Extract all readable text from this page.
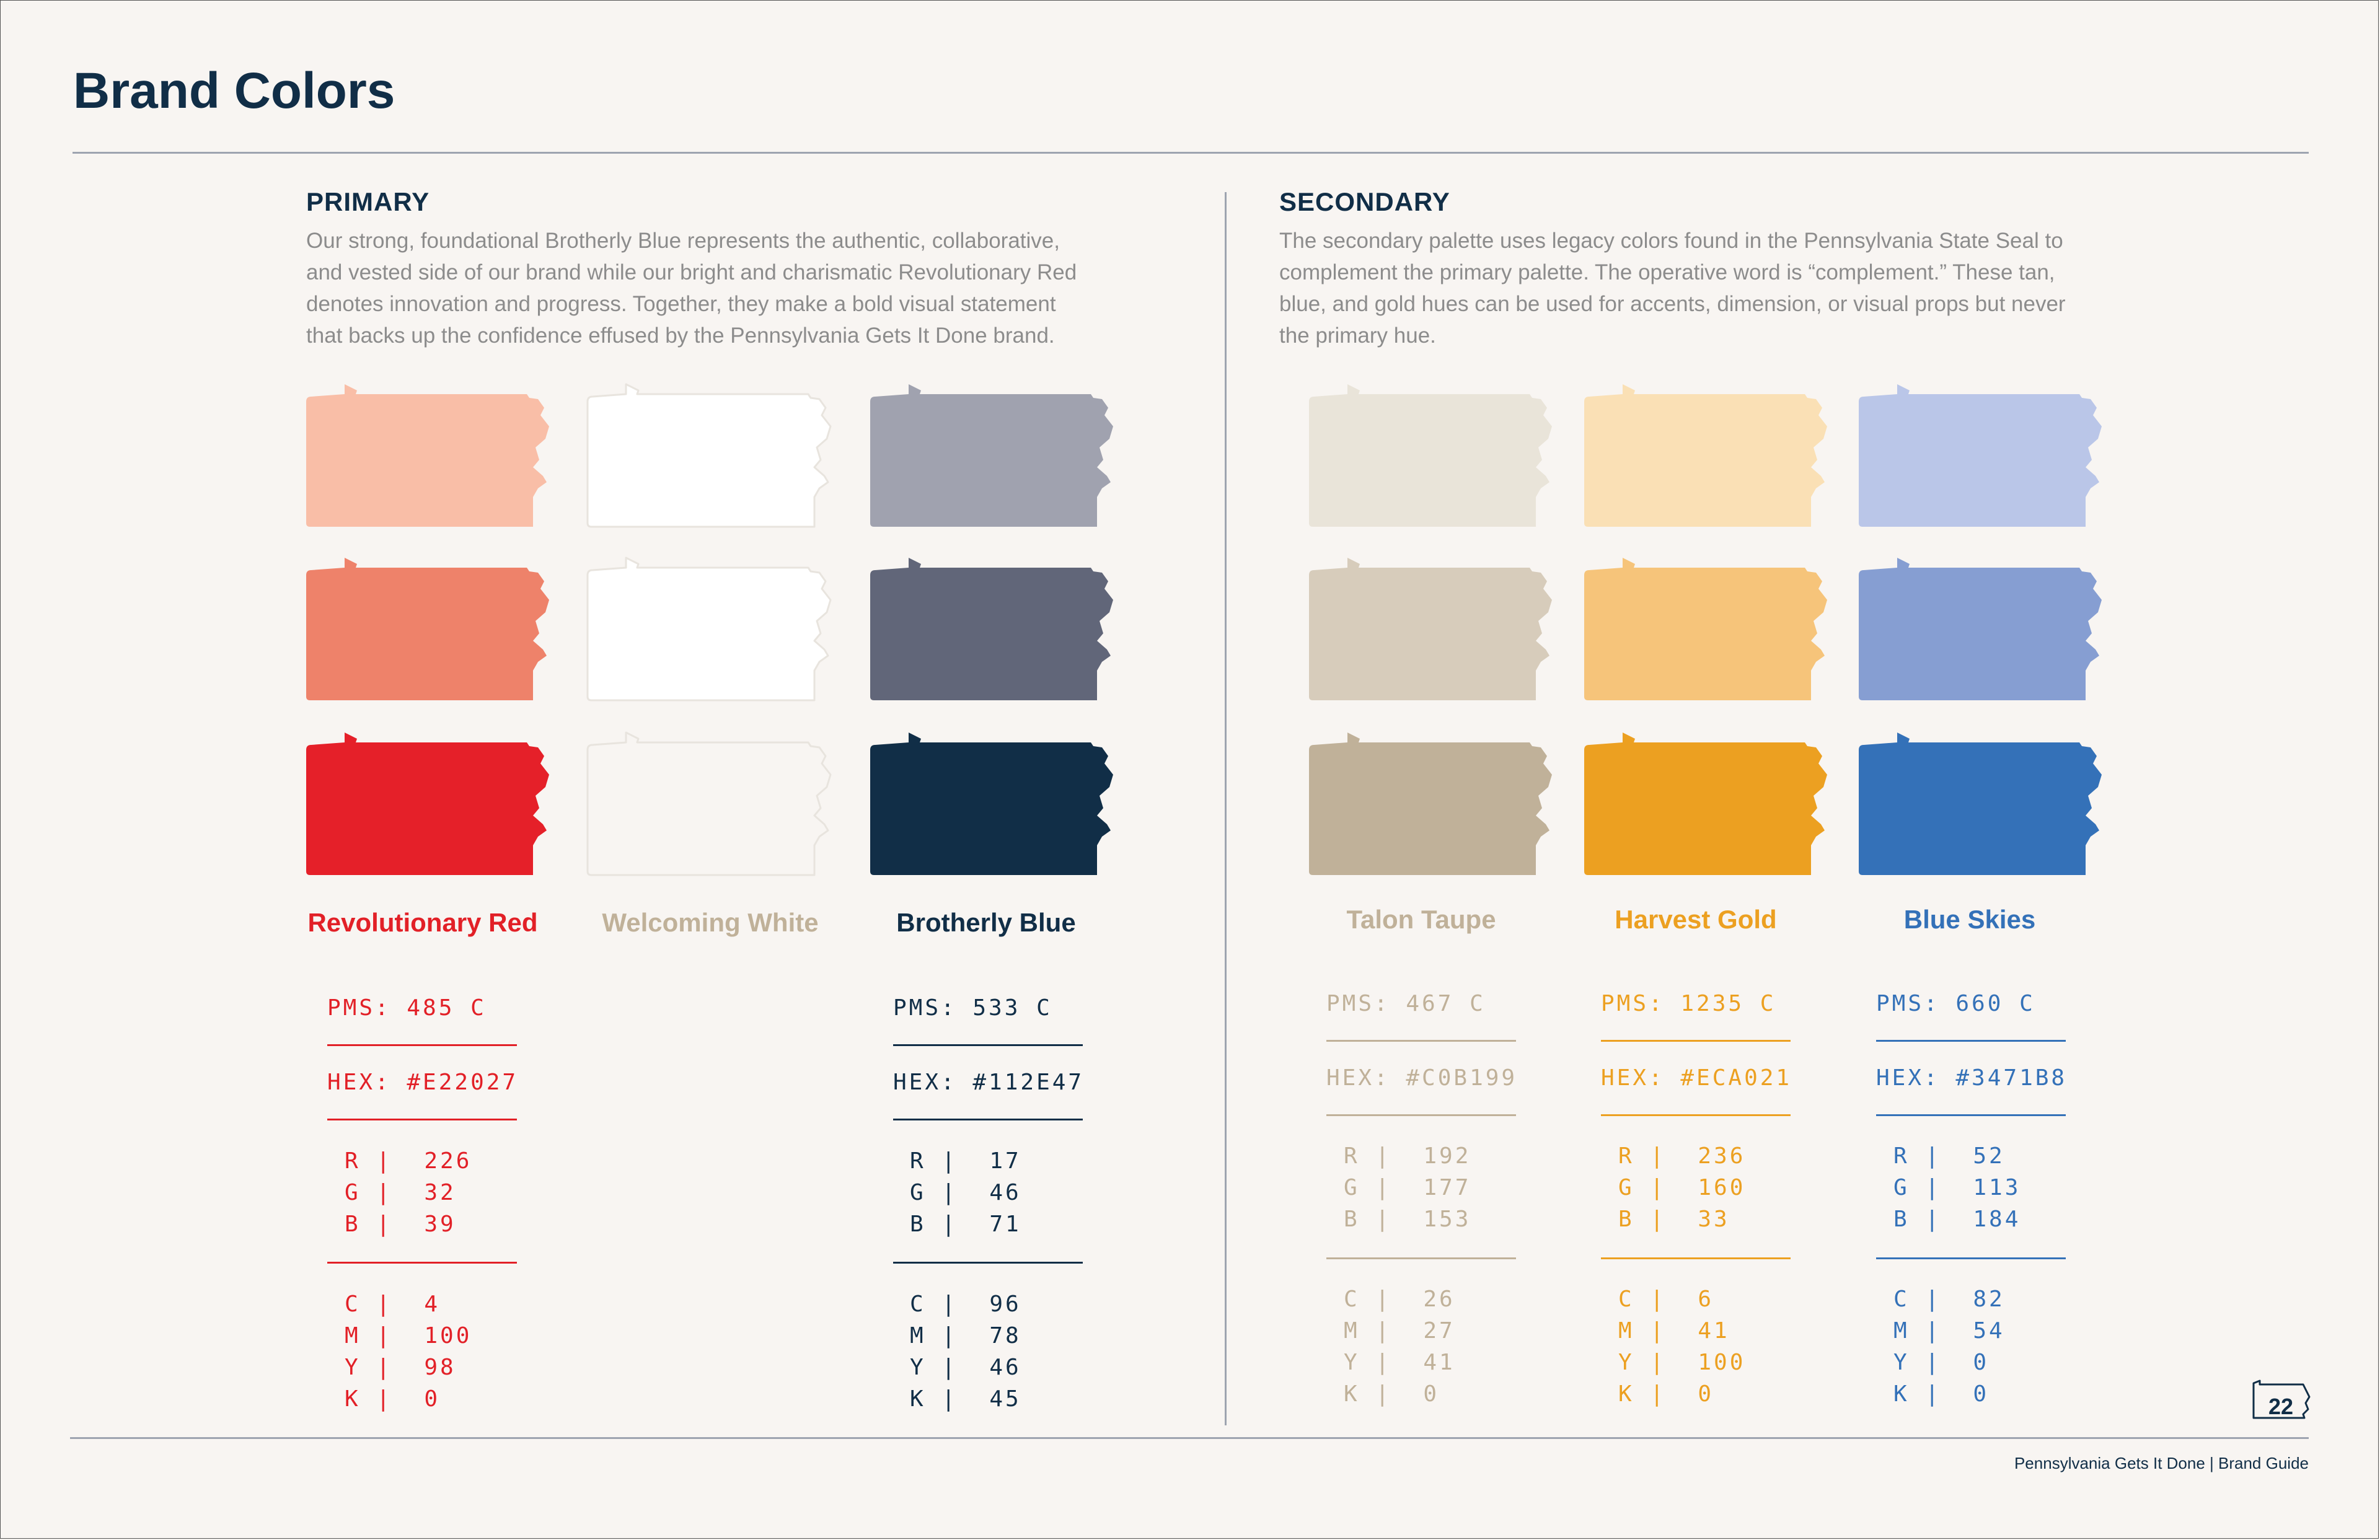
Brand Colors
PRIMARY
Our strong, foundational Brotherly Blue represents the authentic, collaborative,
and vested side of our brand while our bright and charismatic Revolutionary Red
denotes innovation and progress. Together, they make a bold visual statement
that backs up the confidence effused by the Pennsylvania Gets It Done brand.
SECONDARY
The secondary palette uses legacy colors found in the Pennsylvania State Seal to
complement the primary palette. The operative word is “complement.” These tan,
blue, and gold hues can be used for accents, dimension, or visual props but never
the primary hue.
Revolutionary Red	Welcoming White	Brotherly Blue	Talon Taupe	Harvest Gold	Blue Skies
PMS: 485 C
HEX: #E22027
R |  226
G |  32
B |  39
C |  4
M |  100
Y |  98
K |  0
PMS: 533 C
HEX: #112E47
R |  17
G |  46
B |  71
C |  96
M |  78
Y |  46
K |  45
PMS: 467 C
HEX: #C0B199
R |  192
G |  177
B |  153
C |  26
M |  27
Y |  41
K |  0
PMS: 1235 C
HEX: #ECA021
R |  236
G |  160
B |  33
C |  6
M |  41
Y |  100
K |  0
PMS: 660 C
HEX: #3471B8
R |  52
G |  113
B |  184
C |  82
M |  54
Y |  0
K |  0	22
Pennsylvania Gets It Done | Brand Guide
